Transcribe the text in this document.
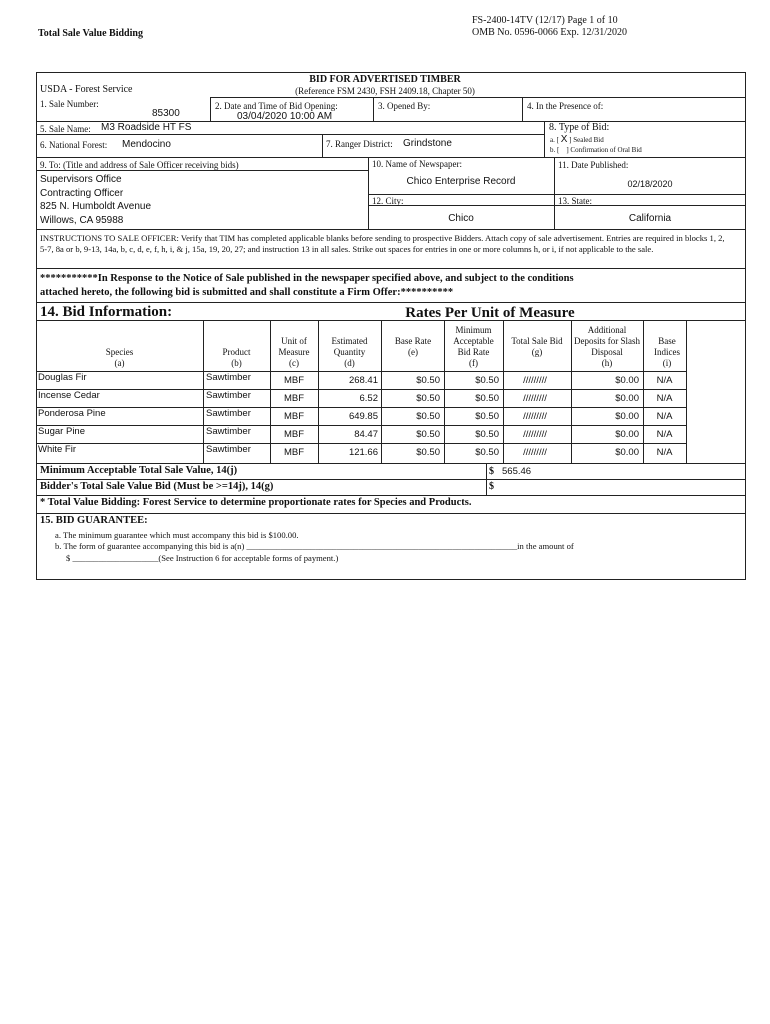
Total Sale Value Bidding
FS-2400-14TV (12/17) Page 1 of 10
OMB No. 0596-0066 Exp. 12/31/2020
BID FOR ADVERTISED TIMBER
(Reference FSM 2430, FSH 2409.18, Chapter 50)
USDA - Forest Service
1. Sale Number:
85300
2. Date and Time of Bid Opening:
03/04/2020 10:00 AM
3. Opened By:	4. In the Presence of:
5. Sale Name: M3 Roadside HT FS	8. Type of Bid:
6. National Forest: Mendocino	7. Ranger District: Grindstone	a. [ X ] Sealed Bid
b. [ ] Confirmation of Oral Bid
9. To: (Title and address of Sale Officer receiving bids)
Supervisors Office
Contracting Officer
825 N. Humboldt Avenue
Willows, CA 95988
10. Name of Newspaper:
Chico Enterprise Record
11. Date Published:
02/18/2020
12. City:
Chico
13. State:
California
INSTRUCTIONS TO SALE OFFICER: Verify that TIM has completed applicable blanks before sending to prospective Bidders. Attach copy of sale advertisement. Entries are required in blocks 1, 2, 5-7, 8a or b, 9-13, 14a, b, c, d, e, f, h, i, & j, 15a, 19, 20, 27; and instruction 13 in all sales. Strike out spaces for entries in one or more columns h, or i, if not applicable to the sale.
***********In Response to the Notice of Sale published in the newspaper specified above, and subject to the conditions
attached hereto, the following bid is submitted and shall constitute a Firm Offer:**********
14. Bid Information:	Rates Per Unit of Measure
Species
(a)
Product
(b)
Unit of Measure
(c)
Estimated Quantity
(d)
Base Rate
(e)
Minimum Acceptable Bid Rate
(f)
Total Sale Bid
(g)
Additional Deposits for Slash Disposal
(h)
Base Indices
(i)
Douglas Fir	Sawtimber	MBF	268.41	$0.50	$0.50	/////////	$0.00	N/A
Incense Cedar	Sawtimber	MBF	6.52	$0.50	$0.50	/////////	$0.00	N/A
Ponderosa Pine	Sawtimber	MBF	649.85	$0.50	$0.50	/////////	$0.00	N/A
Sugar Pine	Sawtimber	MBF	84.47	$0.50	$0.50	/////////	$0.00	N/A
White Fir	Sawtimber	MBF	121.66	$0.50	$0.50	/////////	$0.00	N/A
Minimum Acceptable Total Sale Value, 14(j)	$ 565.46
Bidder's Total Sale Value Bid (Must be >=14j), 14(g)	$
* Total Value Bidding: Forest Service to determine proportionate rates for Species and Products.
15. BID GUARANTEE:
a. The minimum guarantee which must accompany this bid is $100.00.
b. The form of guarantee accompanying this bid is a(n) _______________________________________________________________in the amount of
$ ____________________(See Instruction 6 for acceptable forms of payment.)
